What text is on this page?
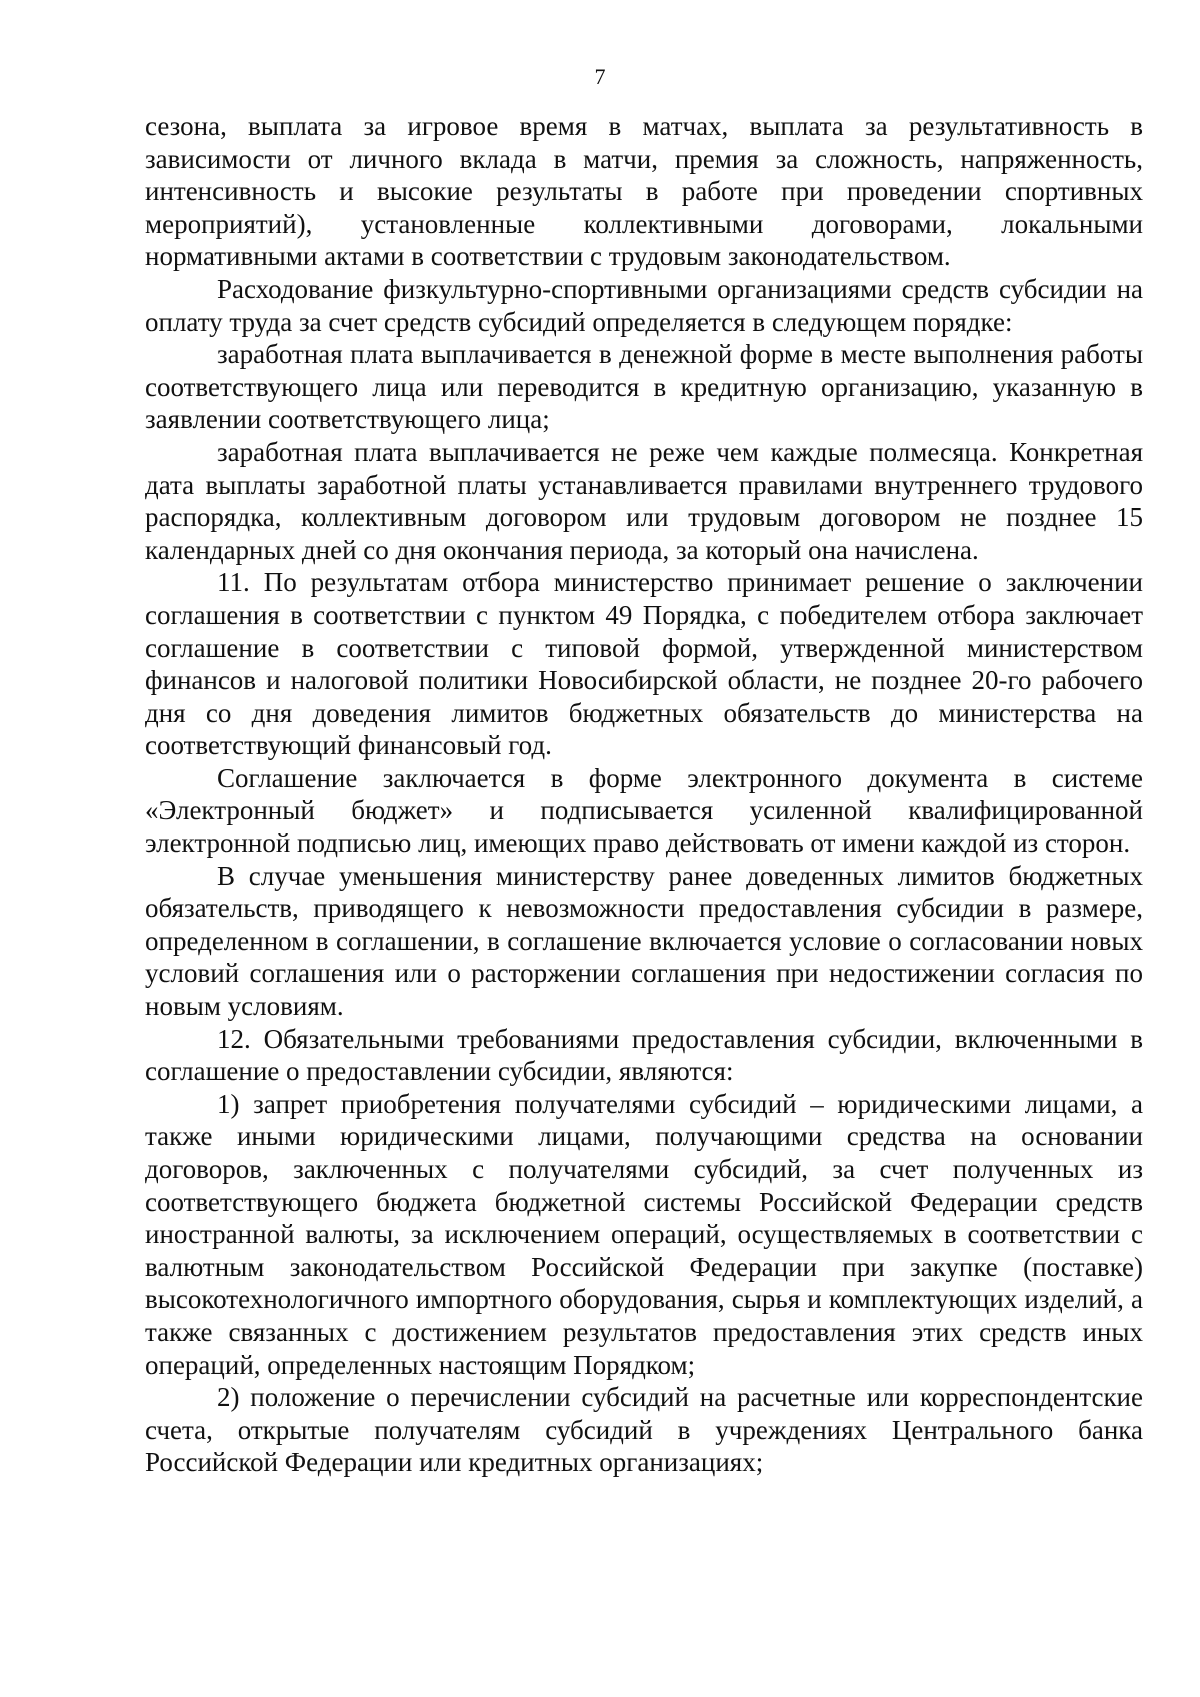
7

сезона, выплата за игровое время в матчах, выплата за результативность в зависимости от личного вклада в матчи, премия за сложность, напряженность, интенсивность и высокие результаты в работе при проведении спортивных мероприятий), установленные коллективными договорами, локальными нормативными актами в соответствии с трудовым законодательством.

Расходование физкультурно-спортивными организациями средств субсидии на оплату труда за счет средств субсидий определяется в следующем порядке:

заработная плата выплачивается в денежной форме в месте выполнения работы соответствующего лица или переводится в кредитную организацию, указанную в заявлении соответствующего лица;

заработная плата выплачивается не реже чем каждые полмесяца. Конкретная дата выплаты заработной платы устанавливается правилами внутреннего трудового распорядка, коллективным договором или трудовым договором не позднее 15 календарных дней со дня окончания периода, за который она начислена.

11. По результатам отбора министерство принимает решение о заключении соглашения в соответствии с пунктом 49 Порядка, с победителем отбора заключает соглашение в соответствии с типовой формой, утвержденной министерством финансов и налоговой политики Новосибирской области, не позднее 20-го рабочего дня со дня доведения лимитов бюджетных обязательств до министерства на соответствующий финансовый год.

Соглашение заключается в форме электронного документа в системе «Электронный бюджет» и подписывается усиленной квалифицированной электронной подписью лиц, имеющих право действовать от имени каждой из сторон.

В случае уменьшения министерству ранее доведенных лимитов бюджетных обязательств, приводящего к невозможности предоставления субсидии в размере, определенном в соглашении, в соглашение включается условие о согласовании новых условий соглашения или о расторжении соглашения при недостижении согласия по новым условиям.

12. Обязательными требованиями предоставления субсидии, включенными в соглашение о предоставлении субсидии, являются:

1) запрет приобретения получателями субсидий – юридическими лицами, а также иными юридическими лицами, получающими средства на основании договоров, заключенных с получателями субсидий, за счет полученных из соответствующего бюджета бюджетной системы Российской Федерации средств иностранной валюты, за исключением операций, осуществляемых в соответствии с валютным законодательством Российской Федерации при закупке (поставке) высокотехнологичного импортного оборудования, сырья и комплектующих изделий, а также связанных с достижением результатов предоставления этих средств иных операций, определенных настоящим Порядком;

2) положение о перечислении субсидий на расчетные или корреспондентские счета, открытые получателям субсидий в учреждениях Центрального банка Российской Федерации или кредитных организациях;
